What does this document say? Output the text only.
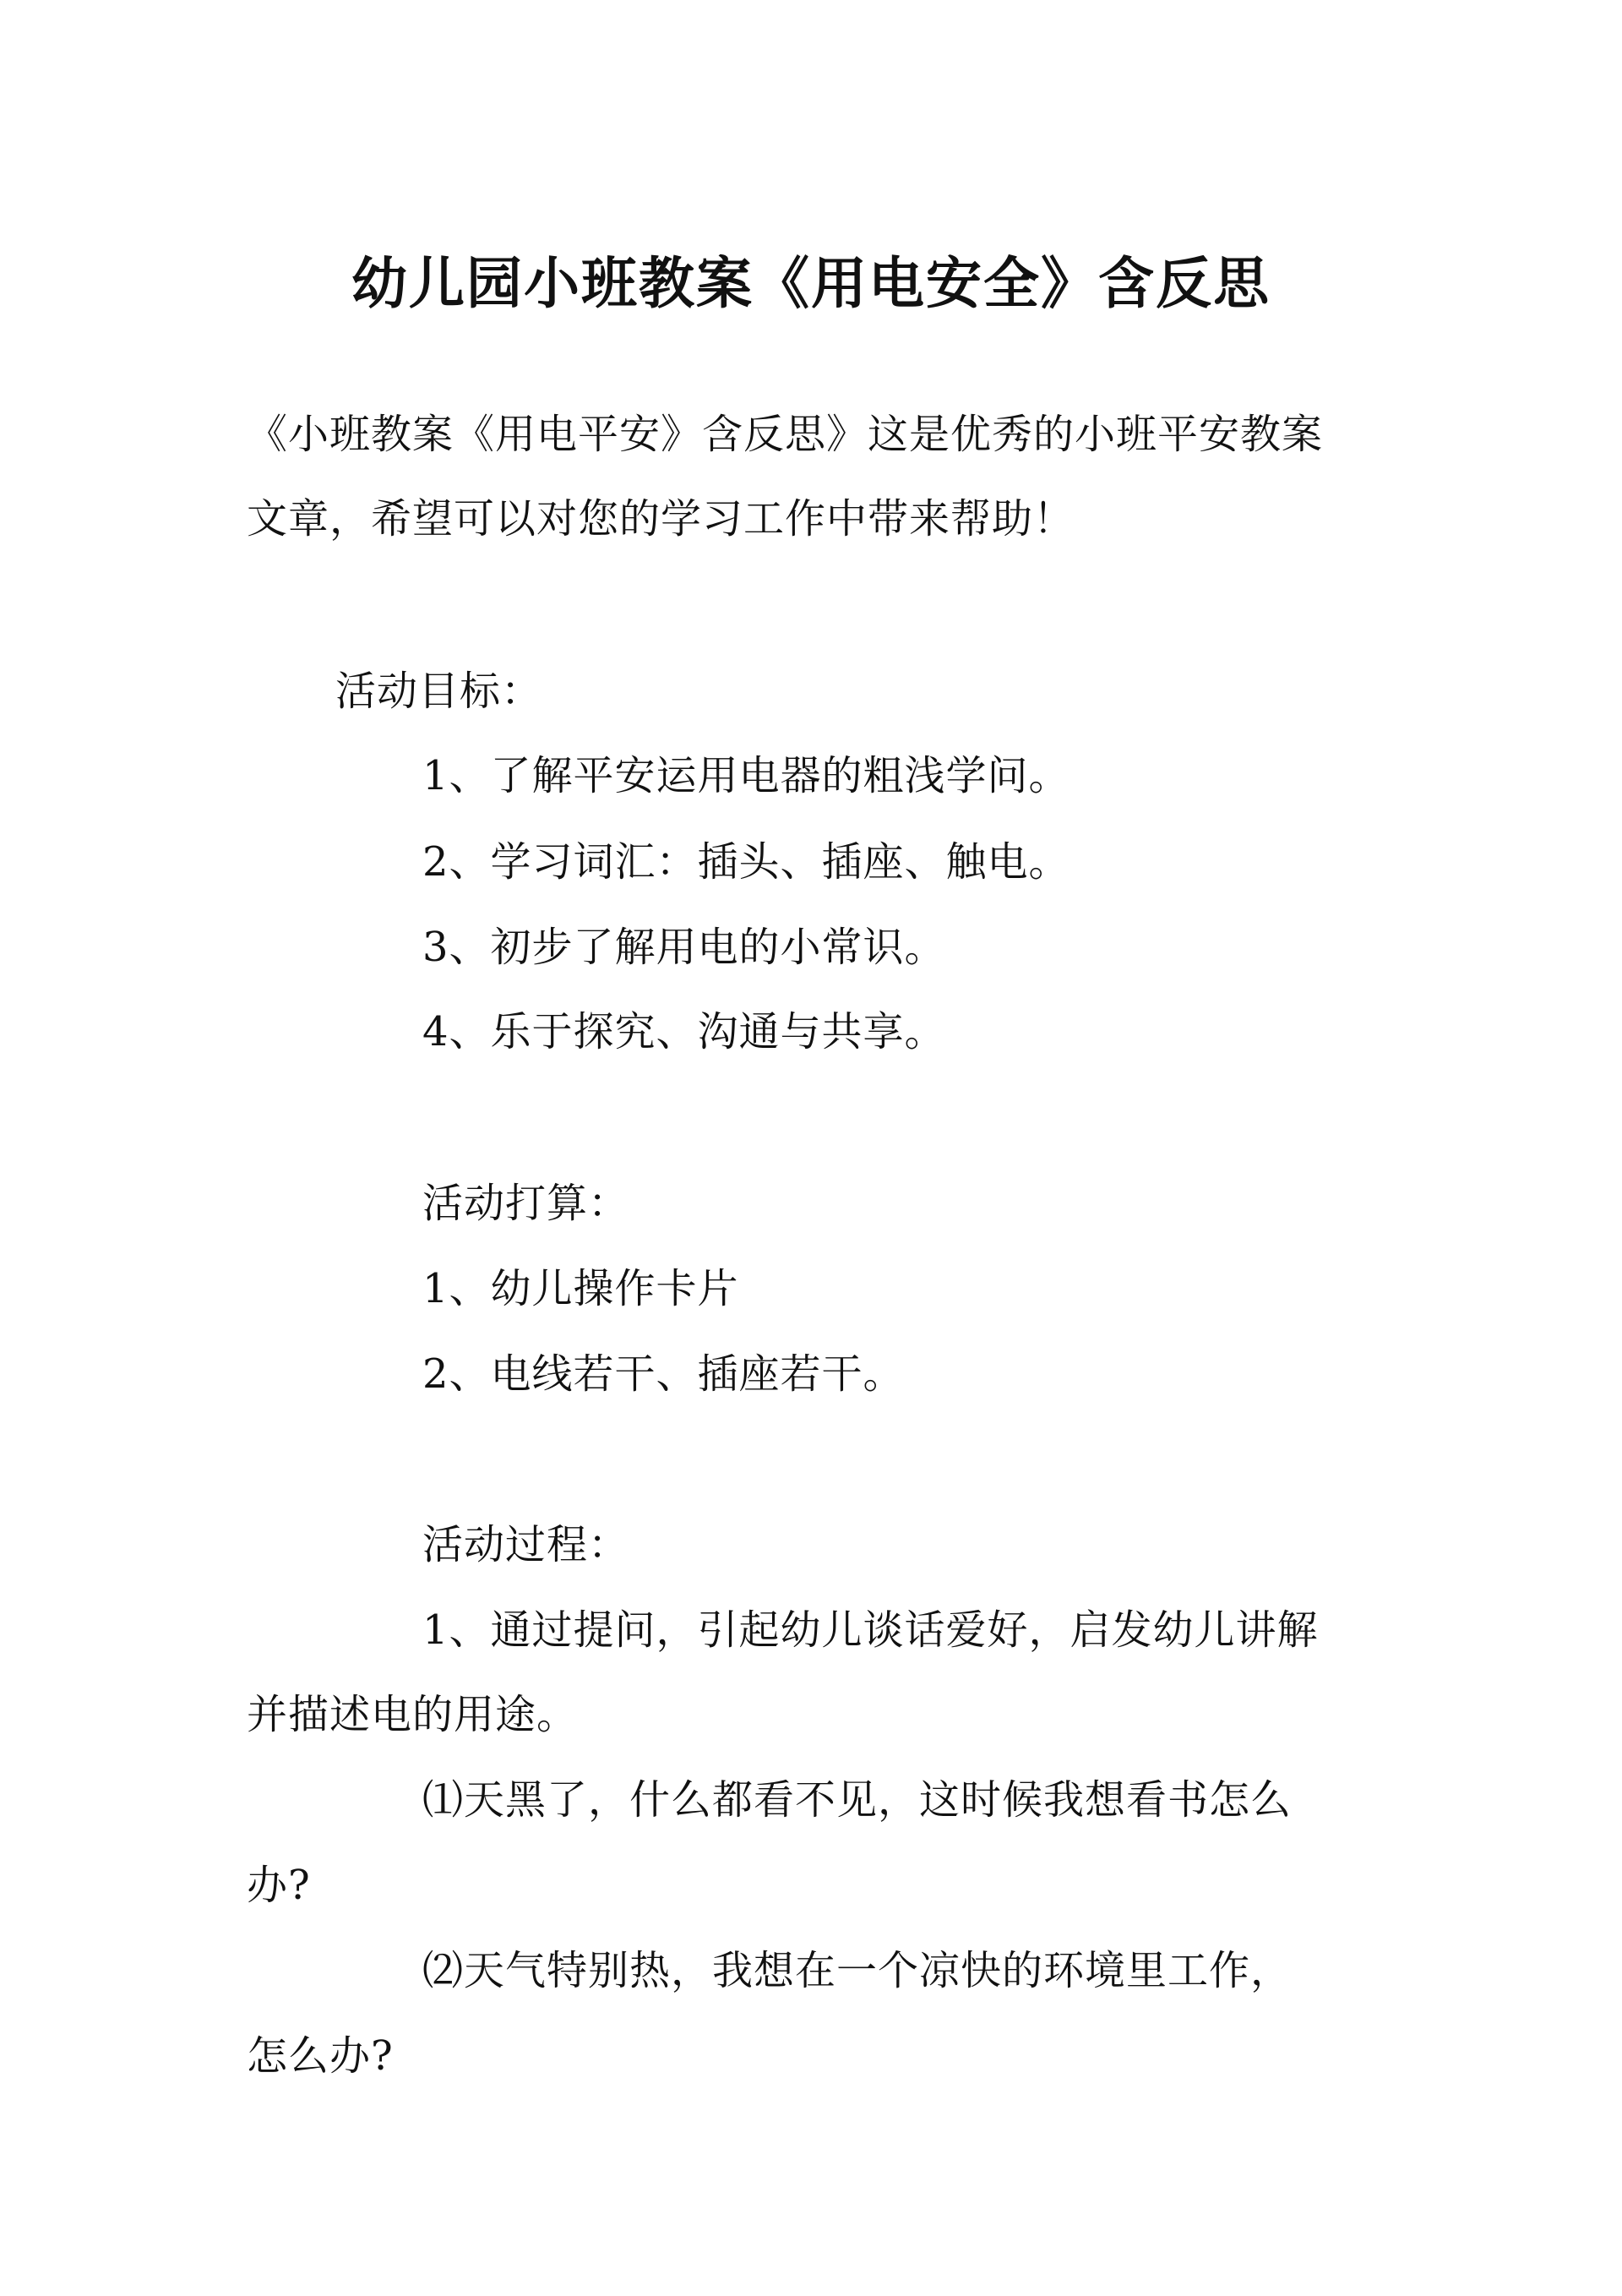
幼儿园小班教案《用电安全》含反思
《小班教案《用电平安》含反思》这是优秀的小班平安教案
文章，希望可以对您的学习工作中带来帮助！
活动目标：
1、了解平安运用电器的粗浅学问。
2、学习词汇：插头、插座、触电。
3、初步了解用电的小常识。
4、乐于探究、沟通与共享。
活动打算：
1、幼儿操作卡片
2、电线若干、插座若干。
活动过程：
1、通过提问，引起幼儿谈话爱好，启发幼儿讲解
并描述电的用途。
⑴天黑了，什么都看不见，这时候我想看书怎么
办?
⑵天气特别热，我想在一个凉快的环境里工作，
怎么办?
